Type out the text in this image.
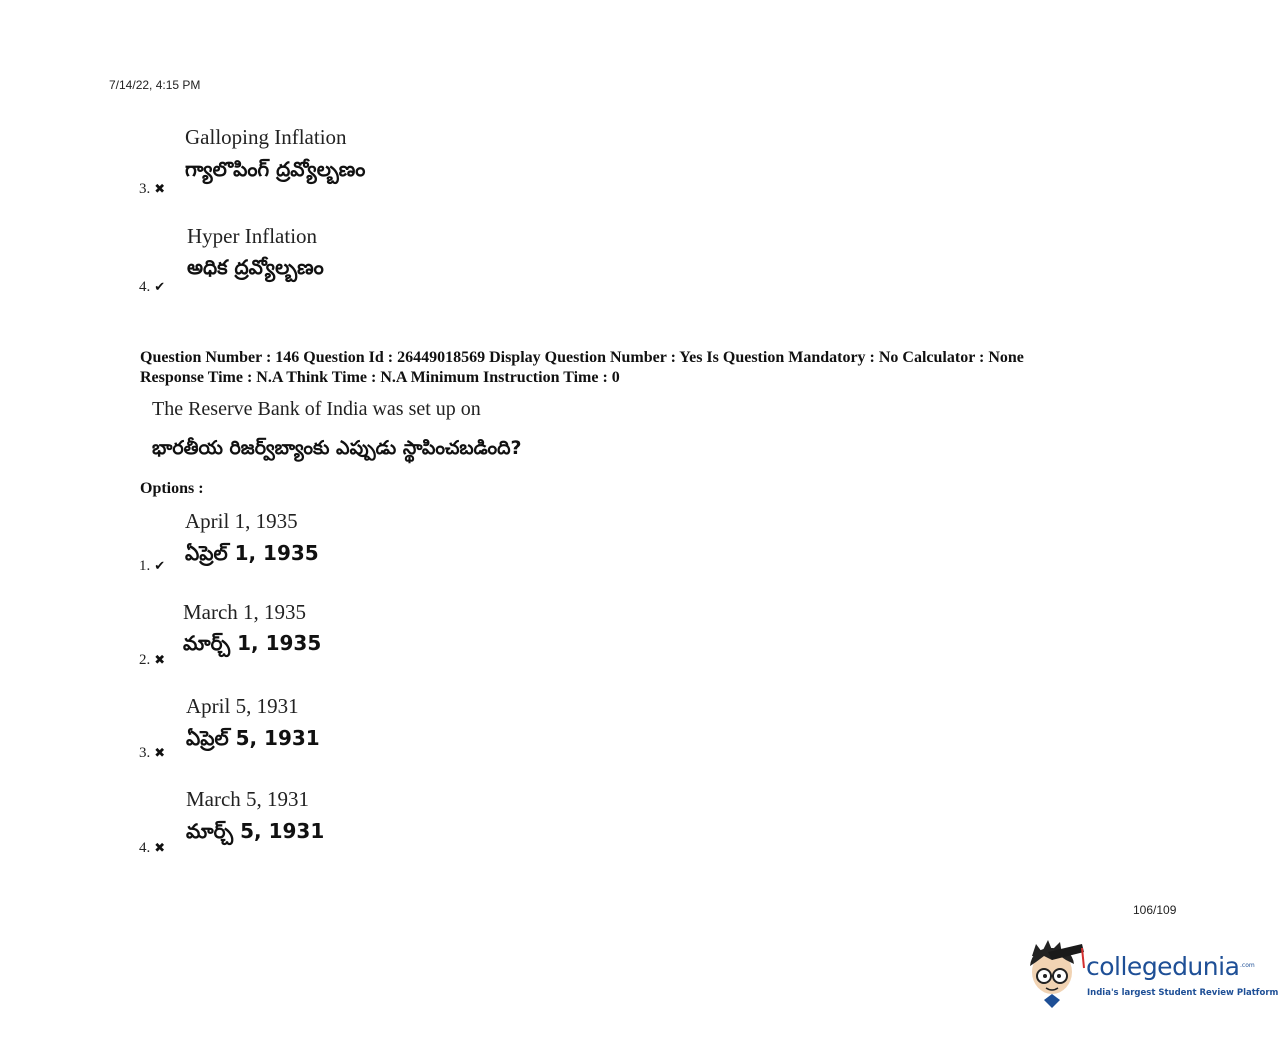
7/14/22, 4:15 PM
Galloping Inflation
గ్యాలొపింగ్ ద్రవ్యోల్బణం
3. ✖
Hyper Inflation
అధిక ద్రవ్యోల్బణం
4. ✔
Question Number : 146 Question Id : 26449018569 Display Question Number : Yes Is Question Mandatory : No Calculator : None
Response Time : N.A Think Time : N.A Minimum Instruction Time : 0
The Reserve Bank of India was set up on
భారతీయ రిజర్వ్‌బ్యాంకు ఎప్పుడు స్థాపించబడింది?
Options :
April 1, 1935
ఏప్రెల్ 1, 1935
1. ✔
March 1, 1935
మార్చ్ 1, 1935
2. ✖
April 5, 1931
ఏప్రెల్ 5, 1931
3. ✖
March 5, 1931
మార్చ్ 5, 1931
4. ✖
106/109
collegedunia .com
India's largest Student Review Platform
